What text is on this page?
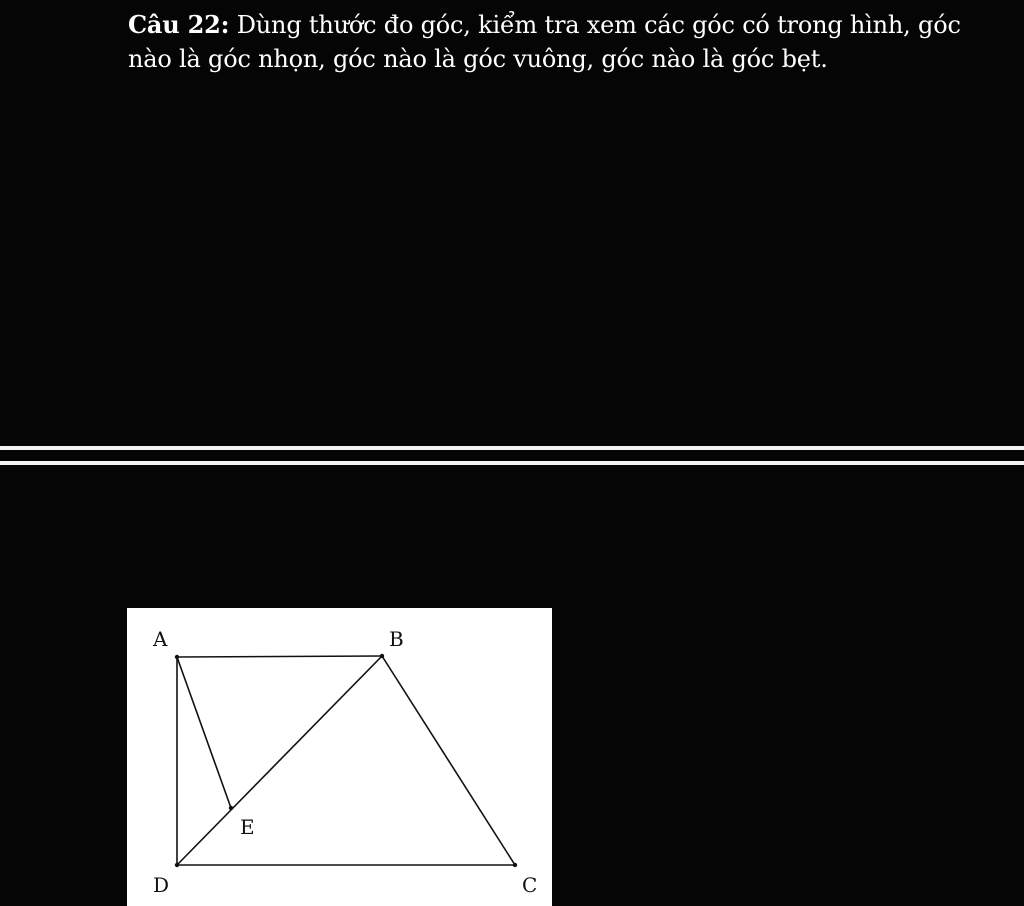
Câu 22: Dùng thước đo góc, kiểm tra xem các góc có trong hình, góc nào là góc nhọn, góc nào là góc vuông, góc nào là góc bẹt.
A	B
C
D
E
